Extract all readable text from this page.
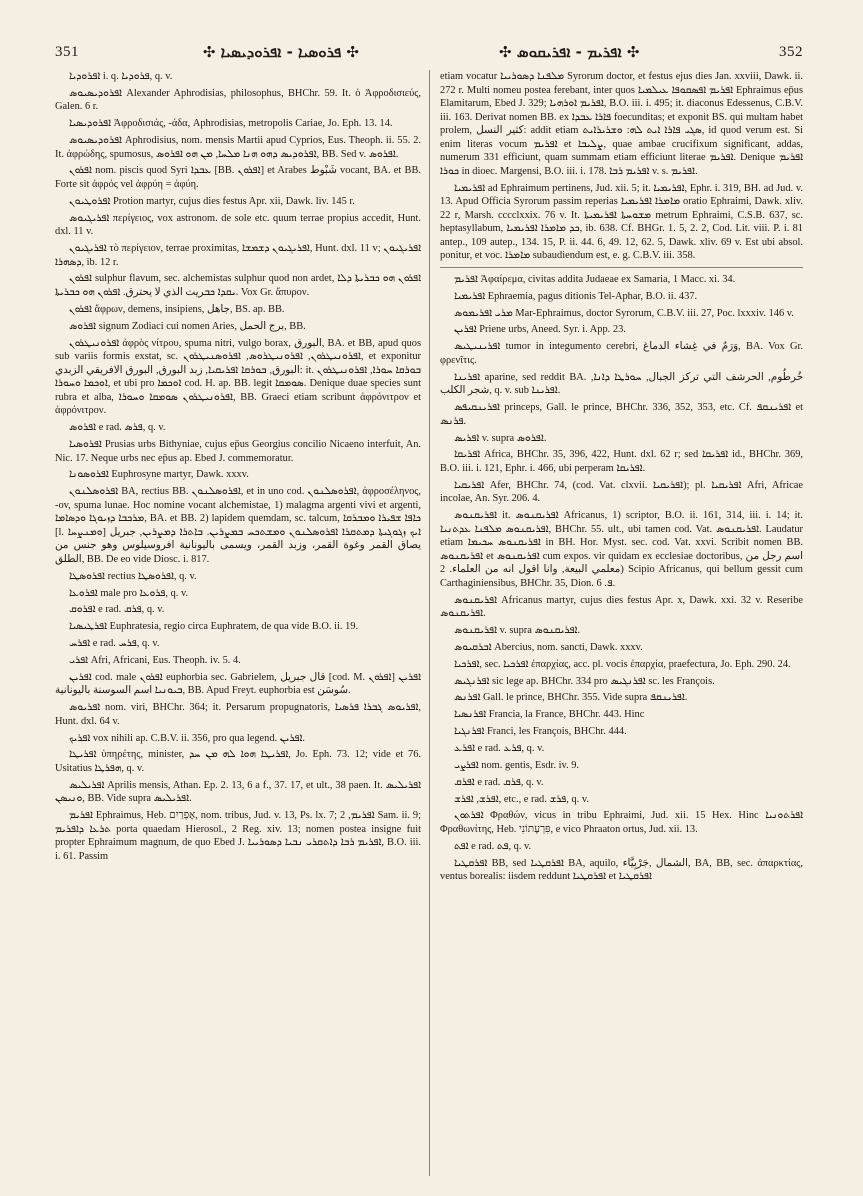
351	✣ ܦܪܘܣܝܐ - ܐܦܪܘܕܝܣܝܐ ✣	✣ ܐܦܪܝܡ - ܐܦܪܝܩܘܣ ✣	352

ܐܦܪܘܕܝܐ i. q. ܦܪܘܕܝܐ, q. v.

ܐܦܪܘܕܝܣܝܘܣ Alexander Aphrodisias, philosophus, BHChr. 59. It. ὁ Ἀφροδισιεύς, Galen. 6 r.

ܐܦܪܘܕܝܣܝܐ Ἀφροδισιάς, -άδα, Aphrodisias, metropolis Cariae, Jo. Eph. 13. 14.

ܐܦܪܘܕܝܣܝܘܣ Aphrodisius, nom. mensis Martii apud Cyprios, Eus. Theoph. ii. 55. 2. It. ἀφρώδης, spumosus, ܐܦܪܘܕܝܣ ܕܗܘ ܗܢܐ ܡܠܚܐ, ܡܢ ܗܘ ܐܦܪܘܣ, BB. Sed v. ܐܦܪܘܣ.

ܐܦܪܘܢ nom. piscis quod Syri ܥܒܕܐ [BB. ܐܦܪܘܢ] et Arabes شَبْوط vocant, BA. et BB. Forte sit ἀφρός vel ἀφρύη = ἀφύη.

ܐܦܪܘܛܝܘܢ Protion martyr, cujus dies festus Apr. xii, Dawk. liv. 145 r.

ܐܦܪܝܓܝܘܣ περίγειος, vox astronom. de sole etc. quum terrae propius accedit, Hunt. dxl. 11 v.

ܐܦܪܝܓܝܘܢ τὸ περίγειον, terrae proximitas, ܐܦܪܝܓܝܘܢ ܕܫܡܫܐ, Hunt. dxl. 11 v; ܐܦܪܝܓܝܘܢ ܕܣܗܪܐ, ib. 12 r.

ܐܦܪܘܢ sulphur flavum, sec. alchemistas sulphur quod non ardet, ܐܦܪܘܢ ܗܘ ܟܒܪܝܬܐ ܕܠܐ ܝܩܕܐ ܟܒريت الذي لا يحترق. ܐܦܪܘܢ ܗܘ ܟܒܪܝܬܐ. Vox Gr. ἄπυρον.

ܐܦܪܘܢ ἄφρων, demens, insipiens, جاهل, BS. ap. BB.

ܐܦܪܘܣ signum Zodiaci cui nomen Aries, برج الحمل, BB.

ܐܦܪܘܢܝܛܪܘܢ ἀφρὸς νίτρου, spuma nitri, vulgo borax, البورق, BA. et BB, apud quos sub variis formis exstat, sc. ܐܦܪܘܢܝܛܪܘܢ, ܐܦܪܘܢܝܛܪܘܣ, ܐܦܪܘܣܢܝܛܪܘܢ, et exponitur البورق, ܒܘܪܩܐ ܐܦܪܝܩܝܐ, زبد البورق, البورق الافريقي الزبدي: it. ܒܘܪܩܐ ܚܘܪܐ, ܐܦܪܘܢܝܛܪܘܢ ܐܘܟܡܐ ܘܚܘܪܐ, et ubi pro ܐܘܟܡܐ cod. H. ap. BB. legit ܣܘܡܩܐ. Denique duae species sunt rubra et alba, ܐܦܪܘܢܝܛܪܘܢ ܣܘܡܩܐ ܘܚܘܪܐ, BB. Graeci etiam scribunt ἀφρόνιτρον et ἀφρόνιτρον.

ܐܦܪܘܣ e rad. ܦܪܣ, q. v.

ܐܦܪܘܣܝܐ Prusias urbs Bithyniae, cujus ep̄us Georgius concilio Nicaeno interfuit, An. Nic. 17. Neque urbs nec ep̄us ap. Ebed J. commemoratur.

ܐܦܪܘܣܘܢܐ Euphrosyne martyr, Dawk. xxxv.

ܐܦܪܘܣܠܢܘܢ BA, rectius BB. ܐܦܪܘܣܠܢܘܢ, et in uno cod. ܐܦܪܘܣܠܢܘܢ, ἀφροσέληνος, -ov, spuma lunae. Hoc nomine vocant alchemistae, 1) malagma argenti vivi et argenti, ܡܪܟܒܐ ܕܙܝܘܓܐ ܘܕܣܐܡܐ, BA. et BB. 2) lapidem quemdam, sc. talcum, ܟܐܦܐ ܫܦܝܪܐ ܘܡܒܪܩܐ [l. ܘܡܢܨܚܐ] ܐܝܟ ܙܓܘܓܝܬܐ ܕܡܬܩܪܐ ܐܦܪܘܣܠܢܘܢ ܘܡܫܬܟܚ ܒܡܨܪܝܢ. ܒܐܬܪܐ ܕܡܨܪܝܢ, جبريل يصاق القمر وغوة القمر، وزبد القمر، ويسمى باليونانية افروسيلوس وهو جنس من الطلق, BB. De eo vide Diosc. i. 817.

ܐܦܪܘܣܛܐ rectius ܐܦܪܘܣܛܐ, q. v.

ܐܦܪܘܥܐ male pro ܦܪܘܥܐ, q. v.

ܐܦܪܘܩ e rad. ܦܪܩ, q. v.

ܐܦܪܛܝܣܝܐ Euphratesia, regio circa Euphratem, de qua vide B.O. ii. 19.

ܐܦܪܚ e rad. ܦܪܚ, q. v.

ܐܦܪܝ Afri, Africani, Eus. Theoph. iv. 5. 4.

ܐܦܪܝܢ cod. male ܐܦܪܘܢ euphorbia sec. Gabrielem, قال جبريل [cod. M. ܐܦܪܘܢ] ܐܦܪܝܢ ܒܝܘܢܝܐ اسم السوسنة باليونانية, BB. Apud Freyt. euphorbia est سُوسَن.

ܐܦܪܝܘܣ nom. viri, BHChr. 364; it. Persarum propugnatoris, ܐܦܪܝܘܣ ܓܒܪܐ ܦܪܣܝܐ, Hunt. dxl. 64 v.

ܐܦܪܝܟ vox nihili ap. C.B.V. ii. 356, pro qua legend. ܐܦܪܝܢ.

ܐܦܪܝܛܐ ὑπηρέτης, minister, ܐܦܪܝܛܐ ܗܘܐ ܠܗ ܡܢ ܚܕ, Jo. Eph. 73. 12; vide et 76. Usitatius ܗܦܪܛܐ, q. v.

ܐܦܪܝܠܝܣ Aprilis mensis, Athan. Ep. 2. 13, 6 a f., 37. 17, et ult., 38 paen. It. ܐܦܪܝܠܝܣ ܘܢܝܣܢ, BB. Vide supra ܐܦܪܝܠܝܣ.

ܐܦܪܝܡ Ephraimus, Heb. אֶפְרַיִם, nom. tribus, Jud. v. 13, Ps. lx. 7; ܐܦܪܝܡ, 2 Sam. ii. 9; ܬܪܥܐ ܕܐܦܪܝܡ porta quaedam Hierosol., 2 Reg. xiv. 13; nomen postea insigne fuit propter Ephraimum magnum, de quo Ebed J. ܐܦܪܝܡ ܪܒܐ ܕܐܬܩܪܝ ܢܒܝܐ ܕܣܘܪܝܝܐ, B.O. iii. i. 61. Passim

etiam vocatur ܡܠܦܢܐ ܕܣܘܪܝܝܐ Syrorum doctor, et festus ejus dies Jan. xxviii, Dawk. ii. 272 r. Multi nomeu postea ferebant, inter quos ܐܦܪܝܡ ܐܦܣܩܘܦܐ ܥܝܠܡܝܐ Ephraimus ep̄us Elamitarum, Ebed J. 329; ܐܦܪܝܡ ܐܘܪܗܝܐ, B.O. iii. i. 495; it. diaconus Edessenus, C.B.V. iii. 163. Derivat nomen BB. ex ܦܐܪܐ ܥܒܕܐ foecunditas; et exponit BS. qui multam habet prolem, كثير النسل: addit etiam ܣܓܝ ܦܐܪܐ ܐܝܬ ܠܗ: ܘܫܪܝܪܐܝܬ, id quod verum est. Si enim literas vocum ܐܦܪܝܡ et ܨܠܝܒܐ, quae ambae crucifixum significant, addas, numerum 331 efficiunt, quam summam etiam efficiunt literae ܐܦܪܝܡ. Denique ܐܦܪܝܡ ܟܘܪܐ in dioec. Margensi, B.O. iii. i. 178. ܐܦܪܝܡ ܪܒܐ v. s. ܐܦܪܝܡ.

ܐܦܪܝܡܝܐ ad Ephraimum pertinens, Jud. xii. 5; it. ܐܦܪܝܡܝܐ, Ephr. i. 319, BH. ad Jud. v. 13. Apud Officia Syrorum passim reperias ܡܐܡܪܐ ܐܦܪܝܡܝܐ oratio Ephraimi, Dawk. xliv. 22 r, Marsh. cccclxxix. 76 v. It. ܡܫܘܚܬܐ ܐܦܪܝܡܝܬܐ metrum Ephraimi, C.S.B. 637, sc. heptasyllabum, ܟܕ ܡܐܡܪܐ ܐܦܪܝܡܝܐ, ib. 638. Cf. BHGr. 1. 5, 2. 2, Cod. Lit. viii. P. i. 81 antep., 109 autep., 134. 15, P. ii. 44. 6, 49. 12, 62. 5, Dawk. xliv. 69 v. Est ubi absol. ponitur, et voc. ܡܐܡܪܐ subaudiendum est, e. g. C.B.V. iii. 358.

ܐܦܪܝܡ Ἀφαίρεμα, civitas addita Judaeae ex Samaria, 1 Macc. xi. 34.

ܐܦܪܝܡܝܐ Ephraemia, pagus ditionis Tel-Aphar, B.O. ii. 437.

ܡܪܝ ܐܦܪܝܡܘܣ Mar-Ephraimus, doctor Syrorum, C.B.V. iii. 27, Poc. lxxxiv. 146 v.

ܐܦܪܝܢ Priene urbs, Aneed. Syr. i. App. 23.

ܐܦܪܝܢܝܛܝܣ tumor in integumento cerebri, وَرَمٌ في غِشاء الدماغ, BA. Vox Gr. φρενῖτις.

ܐܦܪܝܢܐ aparine, sed reddit BA. خُرطُوم, الحرشف التي تركز الجبال, ܚܘܪܛܐ ܕܐܢܐ, شجر الكلب, q. v. sub ܐܦܪܝܢܐ.

ܐܦܪܝܢܩܝܦܣ princeps, Gall. le prince, BHChr. 336, 352, 353, etc. Cf. ܐܦܪܝܢܩܦ et ܦܪܢܣ.

ܐܦܪܝܣ v. supra ܐܦܪܘܣ.

ܐܦܪܝܩܐ Africa, BHChr. 35, 396, 422, Hunt. dxl. 62 r; sed ܐܦܪܝܩܐ id., BHChr. 369, B.O. iii. i. 121, Ephr. i. 466, ubi perperam ܐܦܪܝܩܐ.

ܐܦܪܝܩܝܐ Afer, BHChr. 74, (cod. Vat. clxvii. ܐܦܪܝܩܝܐ); pl. ܐܦܪܝܩܝܐ Afri, Africae incolae, An. Syr. 206. 4.

ܐܦܪܝܩܢܘܣ it. ܐܦܪܝܩܢܘܣ Africanus, 1) scriptor, B.O. ii. 161, 314, iii. i. 14; it. ܐܦܪܝܩܢܘܣ ܡܠܦܢܐ ܥܕܬܢܝܐ, BHChr. 55. ult., ubi tamen cod. Vat. ܐܦܪܝܩܢܘܣ. Laudatur etiam ܐܦܪܝܩܢܘܣ ܚܟܝܡܐ in BH. Hor. Myst. sec. cod. Vat. xxvi. Scribit nomen BB. ܐܦܪܝܩܢܘܣ et ܐܦܪܝܩܢܘܣ cum expos. vir quidam ex ecclesiae doctoribus, اسم رجل من معلمي البيعة, وانا اقول انه من العلماء. 2) Scipio Africanus, qui bellum gessit cum Carthaginiensibus, BHChr. 35, Dion. ܦ. 6.

ܐܦܪܝܩܢܘܣ Africanus martyr, cujus dies festus Apr. x, Dawk. xxi. 32 v. Reseribe ܐܦܪܝܩܢܘܣ.

ܐܦܪܝܩܢܘܣ v. supra ܐܦܪܝܩܢܘܣ.

ܐܒܪܩܝܘܣ Abercius, nom. sancti, Dawk. xxxv.

ܐܦܪܟܝܐ, sec. ܐܦܪܟܝܐ ἐπαρχίας, acc. pl. vocis ἐπαρχία, praefectura, Jo. Eph. 290. 24.

ܐܦܪܢܓܝܣ sic lege ap. BHChr. 334 pro ܐܦܪܢܓܝܣ sc. les François.

ܐܦܪܢܣ Gall. le prince, BHChr. 355. Vide supra ܐܦܪܝܢܩܦ.

ܐܦܪܢܣܝܐ Francia, la France, BHChr. 443. Hinc

ܐܦܪܢܓܝܐ Franci, les François, BHChr. 444.

ܐܦܪܥ e rad. ܦܪܥ, q. v.

ܐܦܪܨܝ nom. gentis, Esdr. iv. 9.

ܐܦܪܩ e rad. ܦܪܩ, q. v.

ܐܦܪܫ, ܐܦܪܫ, etc., e rad. ܦܪܫ, q. v.

ܐܦܪܬܘܢ Φραθών, vicus in tribu Ephraimi, Jud. xii. 15 Hex. Hinc ܐܦܪܬܘܢܝܐ Φραθωνίτης, Heb. פִּרְעָתוֹנִי, e vico Phraaton ortus, Jud. xii. 13.

ܐܦܬ e rad. ܦܬ, q. v.

ܐܦܪܩܛܝܐ BB, sed ܐܦܪܩܛܝܐ BA, aquilo, الشمال ,جَرْبِيَّاء, BA, BB, sec. ἀπαρκτίας, ventus borealis: iisdem reddunt ܐܦܪܩܛܝܐ et ܐܦܪܩܛܝܐ
